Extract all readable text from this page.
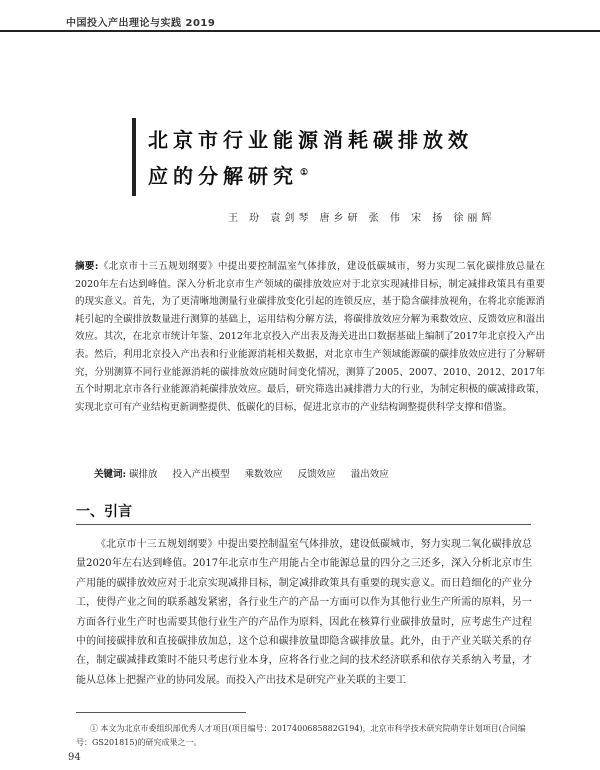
中国投入产出理论与实践 2019
北京市行业能源消耗碳排放效
应的分解研究 ①
王 玢 袁剑琴 唐乡研 张 伟 宋 扬 徐丽辉
摘要:《北京市十三五规划纲要》中提出要控制温室气体排放，建设低碳城市，努力实现二氧化碳排放总量在2020年左右达到峰值。深入分析北京市生产领域的碳排放效应对于北京实现减排目标，制定减排政策具有重要的现实意义。首先，为了更清晰地测量行业碳排放变化引起的连锁反应，基于隐含碳排放视角，在将北京能源消耗引起的全碳排放数量进行测算的基础上，运用结构分解方法，将碳排放效应分解为乘数效应、反馈效应和溢出效应。其次，在北京市统计年鉴、2012年北京投入产出表及海关进出口数据基础上编制了2017年北京投入产出表。然后，利用北京投入产出表和行业能源消耗相关数据，对北京市生产领域能源碳的碳排放效应进行了分解研究，分别测算不同行业能源消耗的碳排放效应随时间变化情况，测算了2005、2007、2010、2012、2017年五个时期北京市各行业能源消耗碳排放效应。最后，研究筛选出减排潜力大的行业，为制定积极的碳减排政策，实现北京可有产业结构更新调整提供、低碳化的目标，促进北京市的产业结构调整提供科学支撑和借鉴。
关键词: 碳排放 投入产出模型 乘数效应 反馈效应 溢出效应
一、引言
《北京市十三五规划纲要》中提出要控制温室气体排放，建设低碳城市，努力实现二氧化碳排放总量2020年左右达到峰值。2017年北京市生产用能占全市能源总量的四分之三还多，深入分析北京市生产用能的碳排放效应对于北京实现减排目标，制定减排政策具有重要的现实意义。而日趋细化的产业分工，使得产业之间的联系越发紧密，各行业生产的产品一方面可以作为其他行业生产所需的原料，另一方面各行业生产时也需要其他行业生产的产品作为原料，因此在核算行业碳排放量时，应考虑生产过程中的间接碳排放和直接碳排放加总，这个总和碳排放量即隐含碳排放量。此外，由于产业关联关系的存在，制定碳减排政策时不能只考虑行业本身，应将各行业之间的技术经济联系和依存关系纳入考量，才能从总体上把握产业的协同发展。而投入产出技术是研究产业关联的主要工
① 本文为北京市委组织部优秀人才项目(项目编号：2017400685882G194)，北京市科学技术研究院萌芽计划项目(合同编号：GS201815)的研究成果之一。
94
